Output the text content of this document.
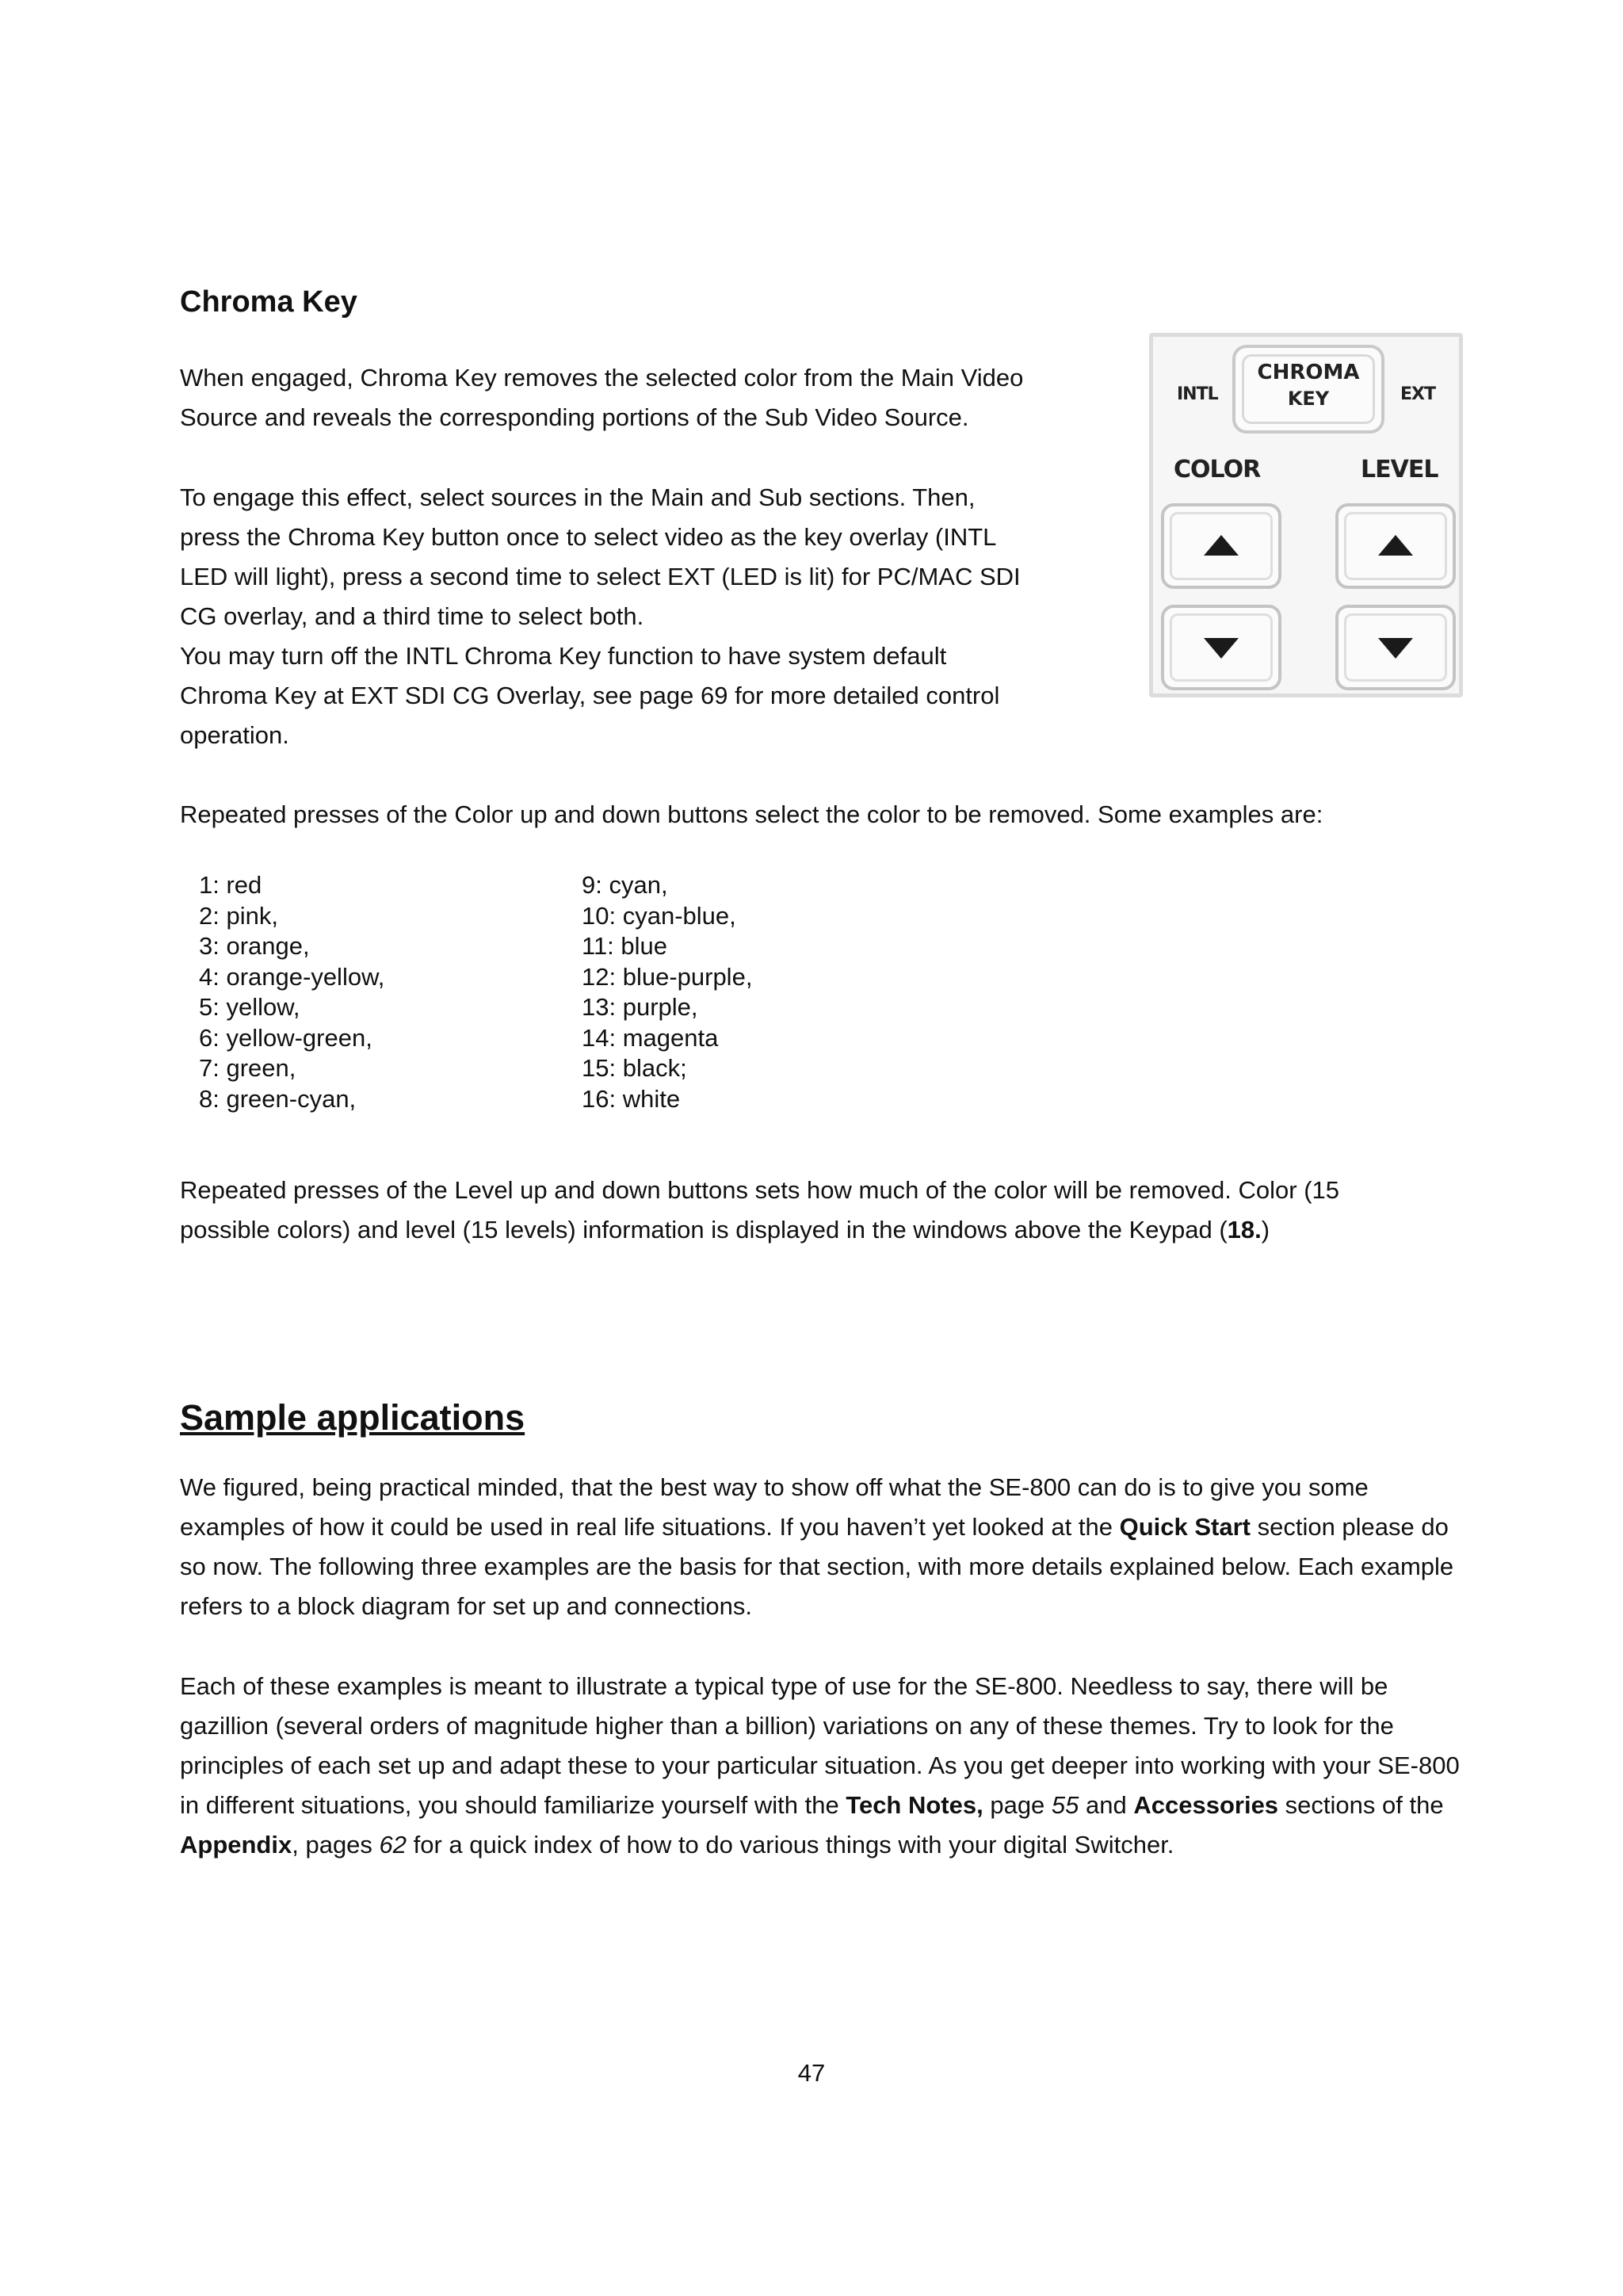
Chroma Key
When engaged, Chroma Key removes the selected color from the Main Video
Source and reveals the corresponding portions of the Sub Video Source.
To engage this effect, select sources in the Main and Sub sections. Then,
press the Chroma Key button once to select video as the key overlay (INTL
LED will light), press a second time to select EXT (LED is lit) for PC/MAC SDI
CG overlay, and a third time to select both.
You may turn off the INTL Chroma Key function to have system default
Chroma Key at EXT SDI CG Overlay, see page 69 for more detailed control
operation.

Repeated presses of the Color up and down buttons select the color to be removed. Some examples are:

1: red
2: pink,
3: orange,
4: orange-yellow,
5: yellow,
6: yellow-green,
7: green,
8: green-cyan,
9: cyan,
10: cyan-blue,
11: blue
12: blue-purple,
13: purple,
14: magenta
15: black;
16: white
Repeated presses of the Level up and down buttons sets how much of the color will be removed. Color (15
possible colors) and level (15 levels) information is displayed in the windows above the Keypad (18.)
INTL	EXT
CHROMA
KEY
COLOR	LEVEL
Sample applications

We figured, being practical minded, that the best way to show off what the SE-800 can do is to give you some examples of how it could be used in real life situations. If you haven’t yet looked at the Quick Start section please do so now. The following three examples are the basis for that section, with more details explained below. Each example refers to a block diagram for set up and connections.

Each of these examples is meant to illustrate a typical type of use for the SE-800. Needless to say, there will be gazillion (several orders of magnitude higher than a billion) variations on any of these themes. Try to look for the principles of each set up and adapt these to your particular situation. As you get deeper into working with your SE-800 in different situations, you should familiarize yourself with the Tech Notes, page 55 and Accessories sections of the Appendix, pages 62 for a quick index of how to do various things with your digital Switcher.

47
